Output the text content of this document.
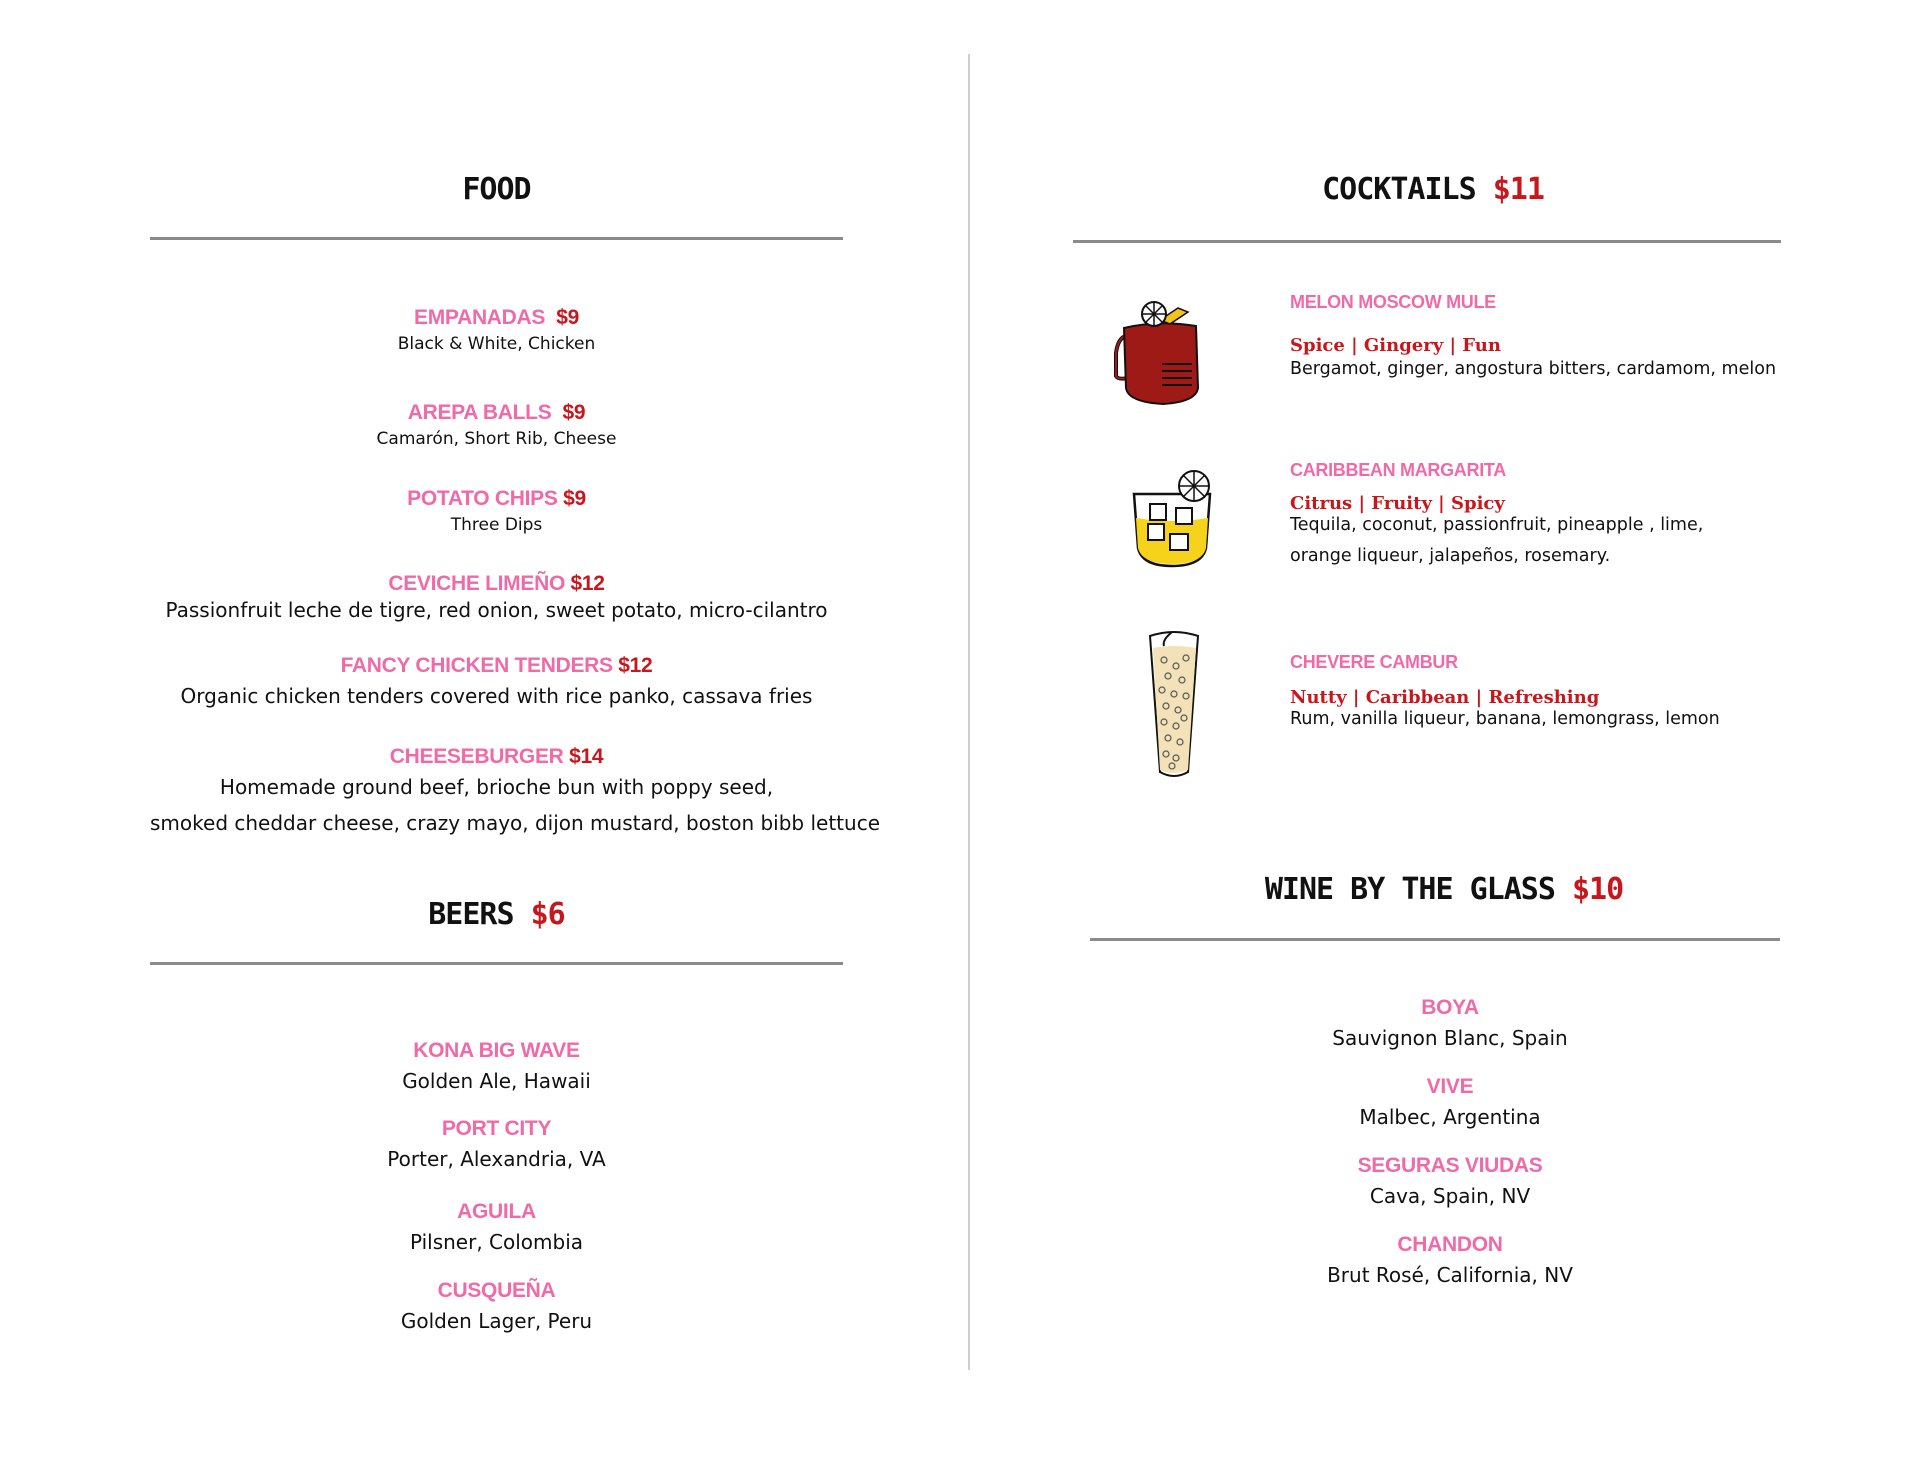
FOOD
EMPANADAS $9
Black & White, Chicken
AREPA BALLS $9
Camarón, Short Rib, Cheese
POTATO CHIPS $9
Three Dips
CEVICHE LIMEÑO $12
Passionfruit leche de tigre, red onion, sweet potato, micro-cilantro
FANCY CHICKEN TENDERS $12
Organic chicken tenders covered with rice panko, cassava fries
CHEESEBURGER $14
Homemade ground beef, brioche bun with poppy seed,
smoked cheddar cheese, crazy mayo, dijon mustard, boston bibb lettuce
BEERS $6
KONA BIG WAVE
Golden Ale, Hawaii
PORT CITY
Porter, Alexandria, VA
AGUILA
Pilsner, Colombia
CUSQUEÑA
Golden Lager, Peru
COCKTAILS $11
MELON MOSCOW MULE
Spice | Gingery | Fun
Bergamot, ginger, angostura bitters, cardamom, melon
CARIBBEAN MARGARITA
Citrus | Fruity | Spicy
Tequila, coconut, passionfruit, pineapple , lime,
orange liqueur, jalapeños, rosemary.
CHEVERE CAMBUR
Nutty | Caribbean | Refreshing
Rum, vanilla liqueur, banana, lemongrass, lemon
WINE BY THE GLASS $10
BOYA
Sauvignon Blanc, Spain
VIVE
Malbec, Argentina
SEGURAS VIUDAS
Cava, Spain, NV
CHANDON
Brut Rosé, California, NV
